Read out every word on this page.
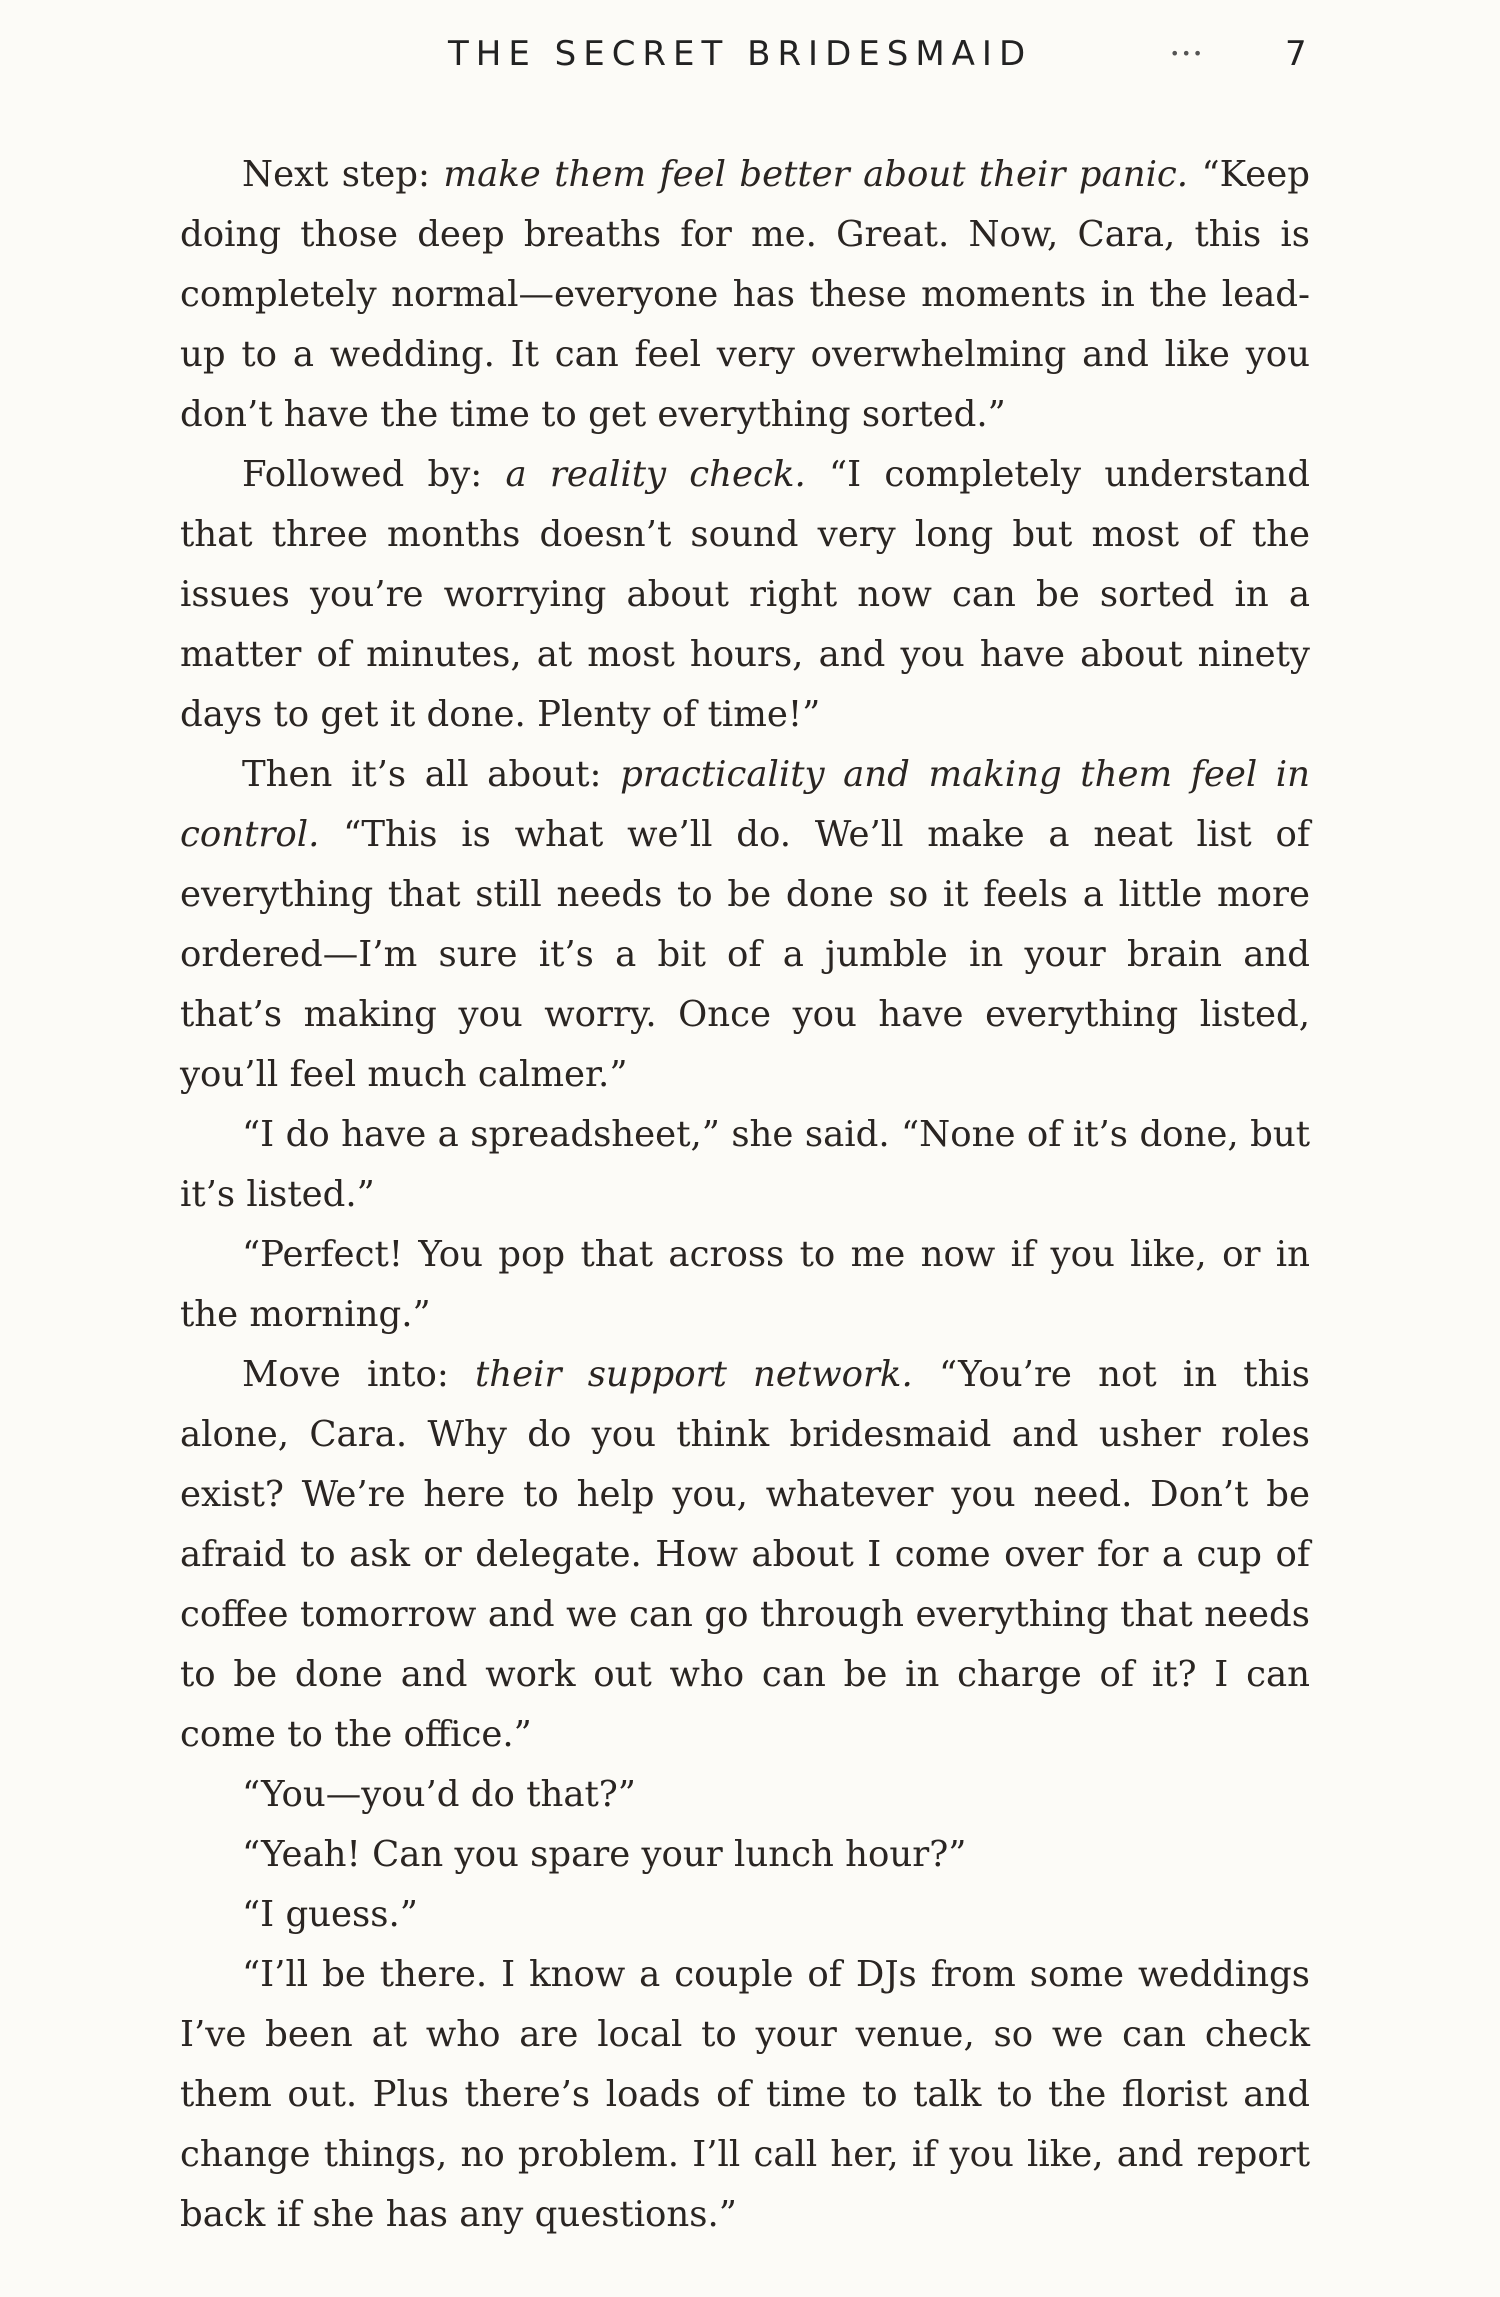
THE SECRET BRIDESMAID	••• 7

Next step: make them feel better about their panic. “Keep doing those deep breaths for me. Great. Now, Cara, this is completely normal—everyone has these moments in the lead-up to a wedding. It can feel very overwhelming and like you don’t have the time to get everything sorted.”

Followed by: a reality check. “I completely understand that three months doesn’t sound very long but most of the issues you’re worrying about right now can be sorted in a matter of minutes, at most hours, and you have about ninety days to get it done. Plenty of time!”

Then it’s all about: practicality and making them feel in control. “This is what we’ll do. We’ll make a neat list of everything that still needs to be done so it feels a little more ordered—I’m sure it’s a bit of a jumble in your brain and that’s making you worry. Once you have everything listed, you’ll feel much calmer.”

“I do have a spreadsheet,” she said. “None of it’s done, but it’s listed.”

“Perfect! You pop that across to me now if you like, or in the morning.”

Move into: their support network. “You’re not in this alone, Cara. Why do you think bridesmaid and usher roles exist? We’re here to help you, whatever you need. Don’t be afraid to ask or delegate. How about I come over for a cup of coffee tomorrow and we can go through everything that needs to be done and work out who can be in charge of it? I can come to the office.”

“You—you’d do that?”

“Yeah! Can you spare your lunch hour?”

“I guess.”

“I’ll be there. I know a couple of DJs from some weddings I’ve been at who are local to your venue, so we can check them out. Plus there’s loads of time to talk to the florist and change things, no problem. I’ll call her, if you like, and report back if she has any questions.”
